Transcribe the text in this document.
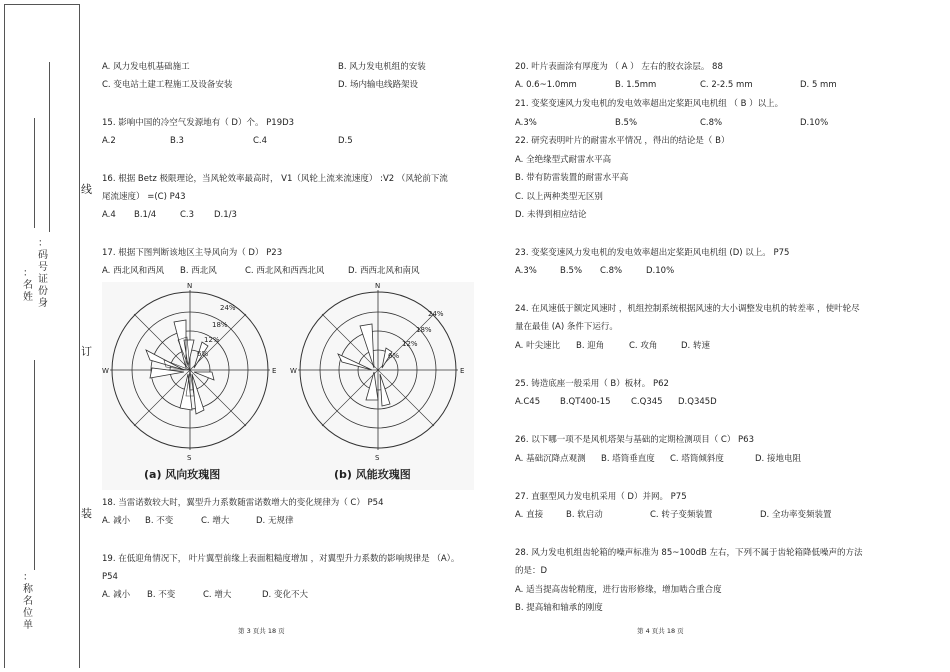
：码号证份身
：名姓
：称名位单
线
订
装
A. 风力发电机基础施工	B. 风力发电机组的安装
C. 变电站土建工程施工及设备安装	D. 场内输电线路架设
15. 影响中国的冷空气发源地有（ D）个。 P19D3
A.2	B.3	C.4	D.5
16. 根据 Betz 极限理论，当风轮效率最高时， V1（风轮上流来流速度） :V2 （风轮前下流
尾流速度） =(C) P43
A.4 B.1/4	C.3 D.1/3
17. 根据下图判断该地区主导风向为（ D） P23
A. 西北风和西风 B. 西北风	C. 西北风和西西北风	D. 西西北风和南风
N
S
E
W
24%
18%
12%
6%
(a) 风向玫瑰图
N
S
E
W
24%
18%
12%
6%
(b) 风能玫瑰图
18. 当雷诺数较大时，翼型升力系数随雷诺数增大的变化规律为（ C） P54
A. 减小 B. 不变	C. 增大	D. 无规律
19. 在低迎角情况下， 叶片翼型前缘上表面粗糙度增加 ，对翼型升力系数的影响规律是 （A）。
P54
A. 减小 B. 不变	C. 增大	D. 变化不大
第 3 页共 18 页
20. 叶片表面涂有厚度为 （ A ） 左右的胶衣涂层。 88
A. 0.6~1.0mm	B. 1.5mm	C. 2-2.5 mm	D. 5 mm
21. 变桨变速风力发电机的发电效率超出定桨距风电机组 （ B ）以上。
A.3%	B.5%	C.8%	D.10%
22. 研究表明叶片的耐雷水平情况 ，得出的结论是（ B）
A. 全绝缘型式耐雷水平高
B. 带有防雷装置的耐雷水平高
C. 以上两种类型无区别
D. 未得到相应结论
23. 变桨变速风力发电机的发电效率超出定桨距风电机组 (D) 以上。 P75
A.3%	B.5% C.8%	D.10%
24. 在风速低于额定风速时 ，机组控制系统根据风速的大小调整发电机的转差率 ，使叶轮尽
量在最佳 (A) 条件下运行。
A. 叶尖速比 B. 迎角	C. 攻角	D. 转速
25. 铸造底座一般采用（ B）板材。 P62
A.C45 B.QT400-15 C.Q345 D.Q345D
26. 以下哪一项不是风机塔架与基础的定期检测项目（ C） P63
A. 基础沉降点观测 B. 塔筒垂直度 C. 塔筒倾斜度	D. 接地电阻
27. 直驱型风力发电机采用（ D）并网。 P75
A. 直接	B. 软启动	C. 转子变频装置	D. 全功率变频装置
28. 风力发电机组齿轮箱的噪声标准为 85~100dB 左右，下列不属于齿轮箱降低噪声的方法
的是：D
A. 适当提高齿轮精度，进行齿形修缘，增加啮合重合度
B. 提高轴和轴承的刚度
第 4 页共 18 页
